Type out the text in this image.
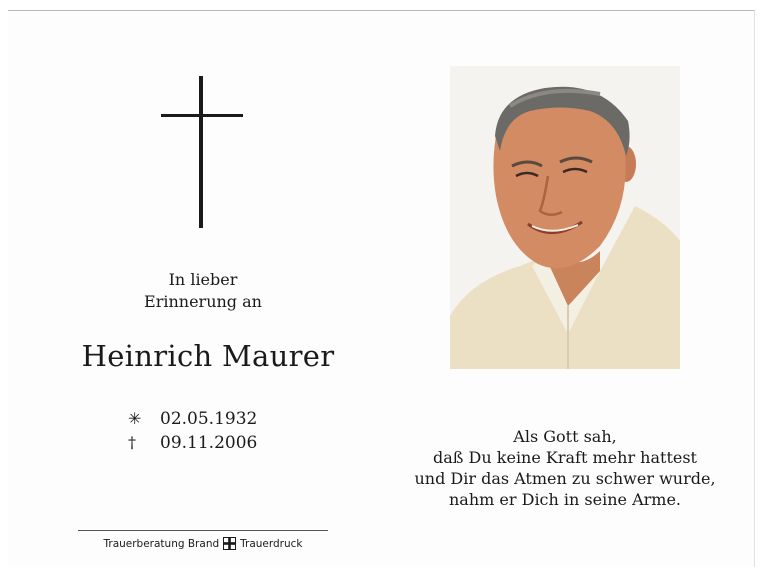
In lieber
Erinnerung an
Heinrich Maurer
✳	02.05.1932
†	09.11.2006
Trauerberatung Brand Trauerdruck
Als Gott sah,
daß Du keine Kraft mehr hattest
und Dir das Atmen zu schwer wurde,
nahm er Dich in seine Arme.
